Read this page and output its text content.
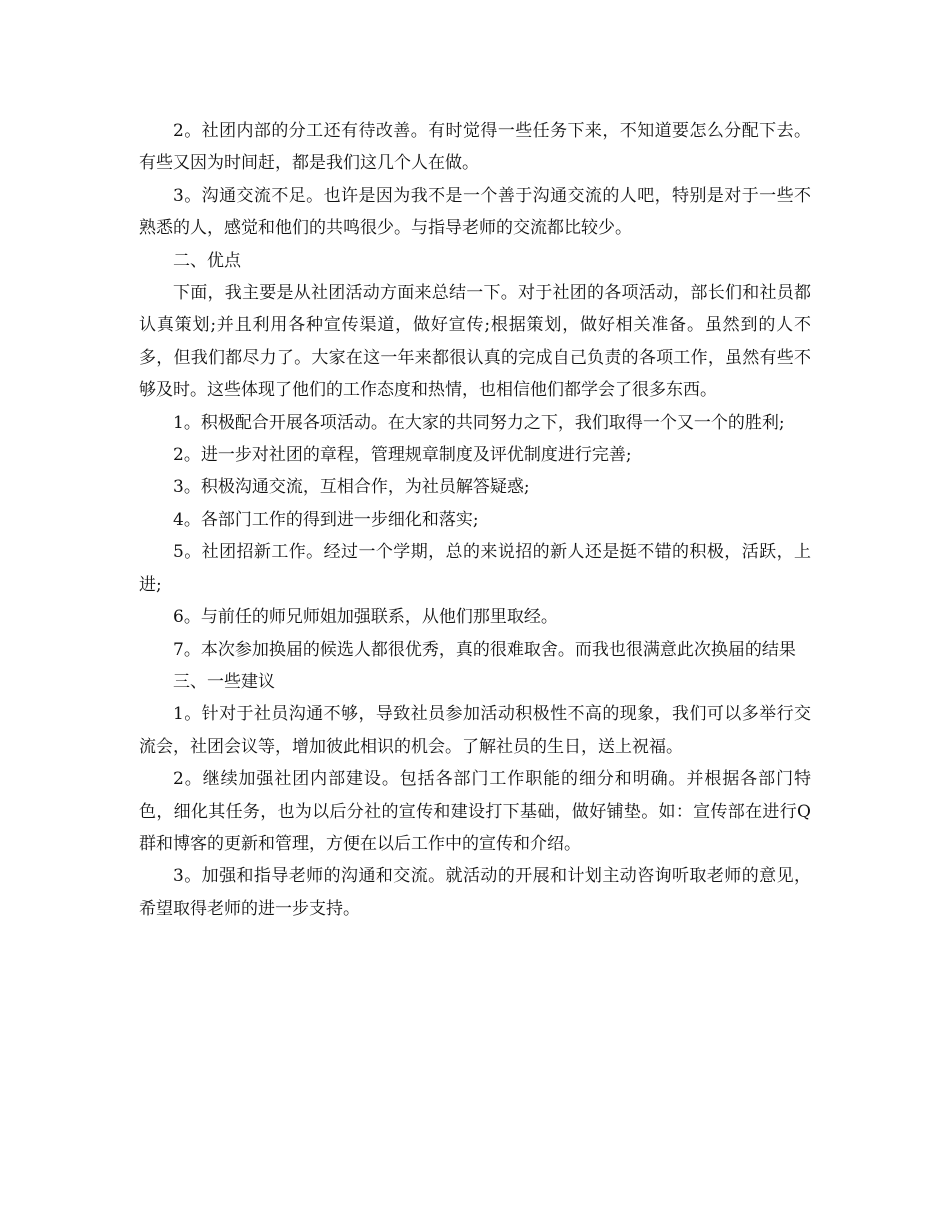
2。社团内部的分工还有待改善。有时觉得一些任务下来，不知道要怎么分配下去。有些又因为时间赶，都是我们这几个人在做。

3。沟通交流不足。也许是因为我不是一个善于沟通交流的人吧，特别是对于一些不熟悉的人，感觉和他们的共鸣很少。与指导老师的交流都比较少。

二、优点

下面，我主要是从社团活动方面来总结一下。对于社团的各项活动，部长们和社员都认真策划;并且利用各种宣传渠道，做好宣传;根据策划，做好相关准备。虽然到的人不多，但我们都尽力了。大家在这一年来都很认真的完成自己负责的各项工作，虽然有些不够及时。这些体现了他们的工作态度和热情，也相信他们都学会了很多东西。

1。积极配合开展各项活动。在大家的共同努力之下，我们取得一个又一个的胜利;

2。进一步对社团的章程，管理规章制度及评优制度进行完善;

3。积极沟通交流，互相合作，为社员解答疑惑;

4。各部门工作的得到进一步细化和落实;

5。社团招新工作。经过一个学期，总的来说招的新人还是挺不错的积极，活跃，上进;

6。与前任的师兄师姐加强联系，从他们那里取经。

7。本次参加换届的候选人都很优秀，真的很难取舍。而我也很满意此次换届的结果

三、一些建议

1。针对于社员沟通不够，导致社员参加活动积极性不高的现象，我们可以多举行交流会，社团会议等，增加彼此相识的机会。了解社员的生日，送上祝福。

2。继续加强社团内部建设。包括各部门工作职能的细分和明确。并根据各部门特色，细化其任务，也为以后分社的宣传和建设打下基础，做好铺垫。如：宣传部在进行Q群和博客的更新和管理，方便在以后工作中的宣传和介绍。

3。加强和指导老师的沟通和交流。就活动的开展和计划主动咨询听取老师的意见，希望取得老师的进一步支持。
